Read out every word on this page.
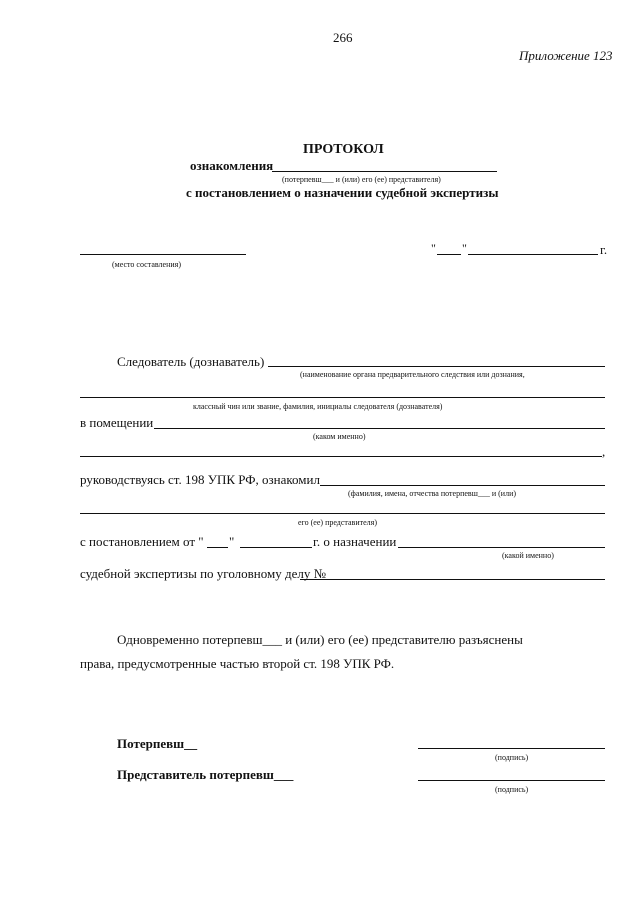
266
Приложение 123
ПРОТОКОЛ
ознакомления
(потерпевш___ и (или) его (ее) представителя)
с постановлением о назначении судебной экспертизы
(место составления)
" "	г.
Следователь (дознаватель)
(наименование органа предварительного следствия или дознания,
классный чин или звание, фамилия, инициалы следователя (дознавателя)
в помещении
(каком именно)
,
руководствуясь ст. 198 УПК РФ, ознакомил
(фамилия, имена, отчества потерпевш___ и (или)
его (ее) представителя)
с постановлением от " "	г. о назначении
(какой именно)
судебной экспертизы по уголовному делу №
Одновременно потерпевш___ и (или) его (ее) представителю разъяснены
права, предусмотренные частью второй ст. 198 УПК РФ.
Потерпевш__
(подпись)
Представитель потерпевш___
(подпись)
